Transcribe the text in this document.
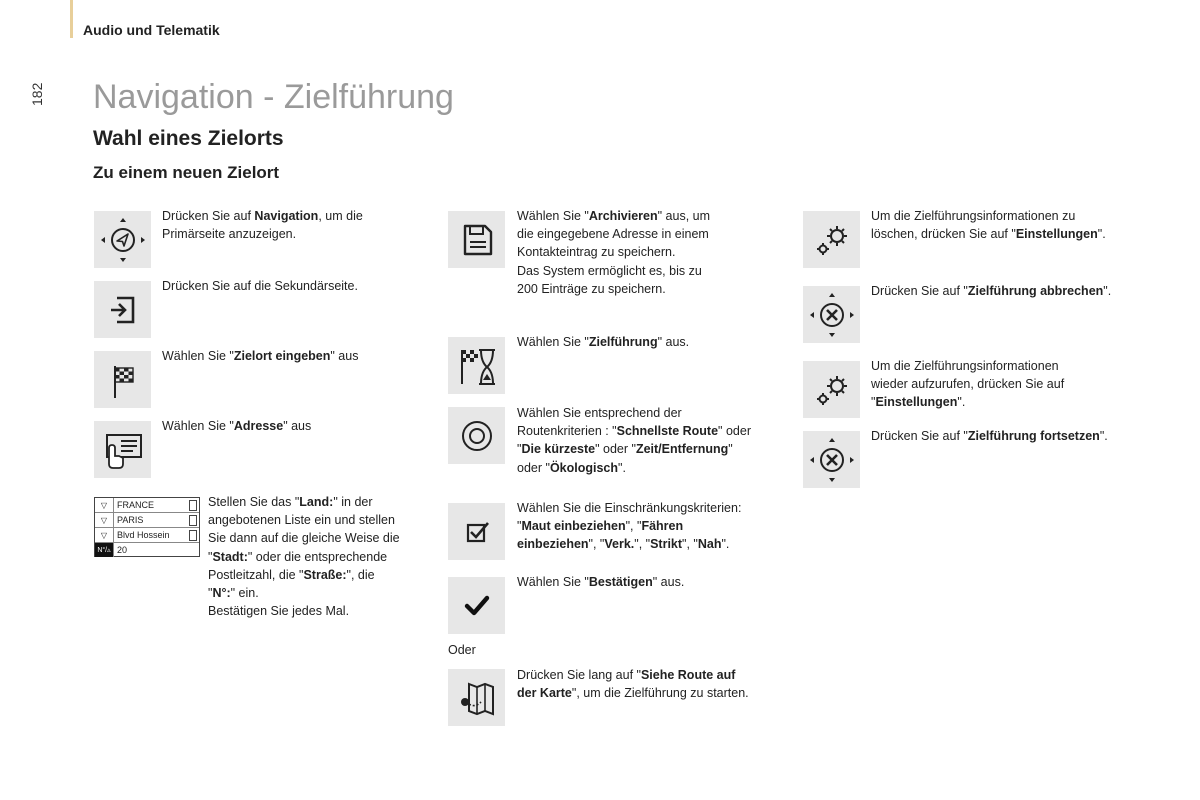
Audio und Telematik
182	Navigation - Zielführung
Wahl eines Zielorts
Zu einem neuen Zielort
Drücken Sie auf Navigation, um die
Primärseite anzuzeigen.
Drücken Sie auf die Sekundärseite.
Wählen Sie "Zielort eingeben" aus
Wählen Sie "Adresse" aus
▽	FRANCE
▽	PARIS
▽	Blvd Hossein
N°/▵ 20
Stellen Sie das "Land:" in der
angebotenen Liste ein und stellen
Sie dann auf die gleiche Weise die
"Stadt:" oder die entsprechende
Postleitzahl, die "Straße:", die
"N°:" ein.
Bestätigen Sie jedes Mal.
Wählen Sie "Archivieren" aus, um
die eingegebene Adresse in einem
Kontakteintrag zu speichern.
Das System ermöglicht es, bis zu
200 Einträge zu speichern.
Wählen Sie "Zielführung" aus.
Wählen Sie entsprechend der
Routenkriterien : "Schnellste Route" oder
"Die kürzeste" oder "Zeit/Entfernung"
oder "Ökologisch".
Wählen Sie die Einschränkungskriterien:
"Maut einbeziehen", "Fähren
einbeziehen", "Verk.", "Strikt", "Nah".
Wählen Sie "Bestätigen" aus.
Oder
Drücken Sie lang auf "Siehe Route auf
der Karte", um die Zielführung zu starten.
Um die Zielführungsinformationen zu
löschen, drücken Sie auf "Einstellungen".
Drücken Sie auf "Zielführung abbrechen".
Um die Zielführungsinformationen
wieder aufzurufen, drücken Sie auf
"Einstellungen".
Drücken Sie auf "Zielführung fortsetzen".
